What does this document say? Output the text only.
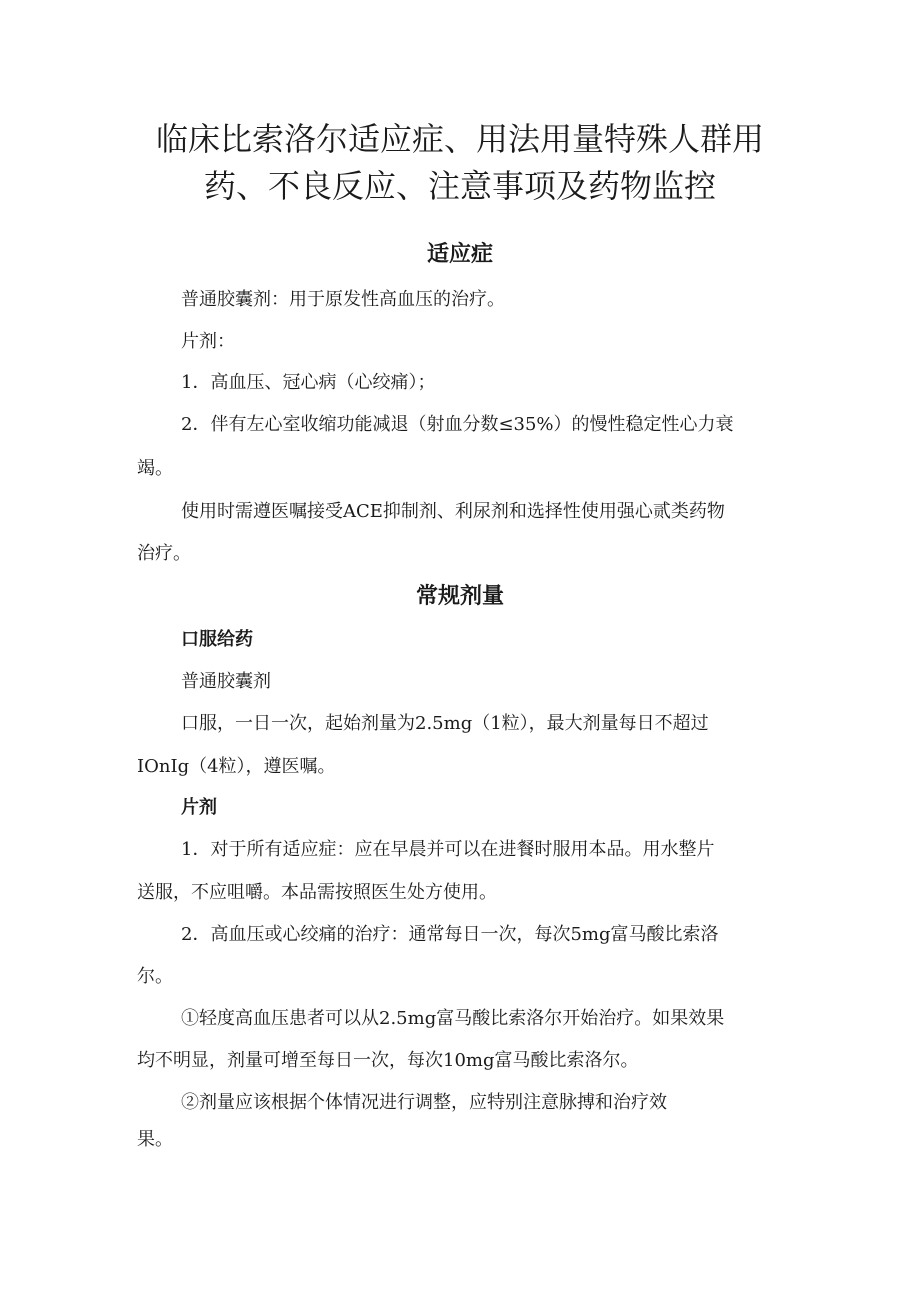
临床比索洛尔适应症、用法用量特殊人群用
药、不良反应、注意事项及药物监控
适应症

普通胶囊剂：用于原发性高血压的治疗。

片剂：

1．高血压、冠心病（心绞痛）；

2．伴有左心室收缩功能减退（射血分数≤35%）的慢性稳定性心力衰

竭。

使用时需遵医嘱接受ACE抑制剂、利尿剂和选择性使用强心贰类药物

治疗。

常规剂量
口服给药

普通胶囊剂

口服，一日一次，起始剂量为2.5mg（1粒），最大剂量每日不超过

IOnIg（4粒），遵医嘱。

片剂

1．对于所有适应症：应在早晨并可以在进餐时服用本品。用水整片

送服，不应咀嚼。本品需按照医生处方使用。

2．高血压或心绞痛的治疗：通常每日一次，每次5mg富马酸比索洛

尔。

①轻度高血压患者可以从2.5mg富马酸比索洛尔开始治疗。如果效果

均不明显，剂量可增至每日一次，每次10mg富马酸比索洛尔。

②剂量应该根据个体情况进行调整，应特别注意脉搏和治疗效

果。
